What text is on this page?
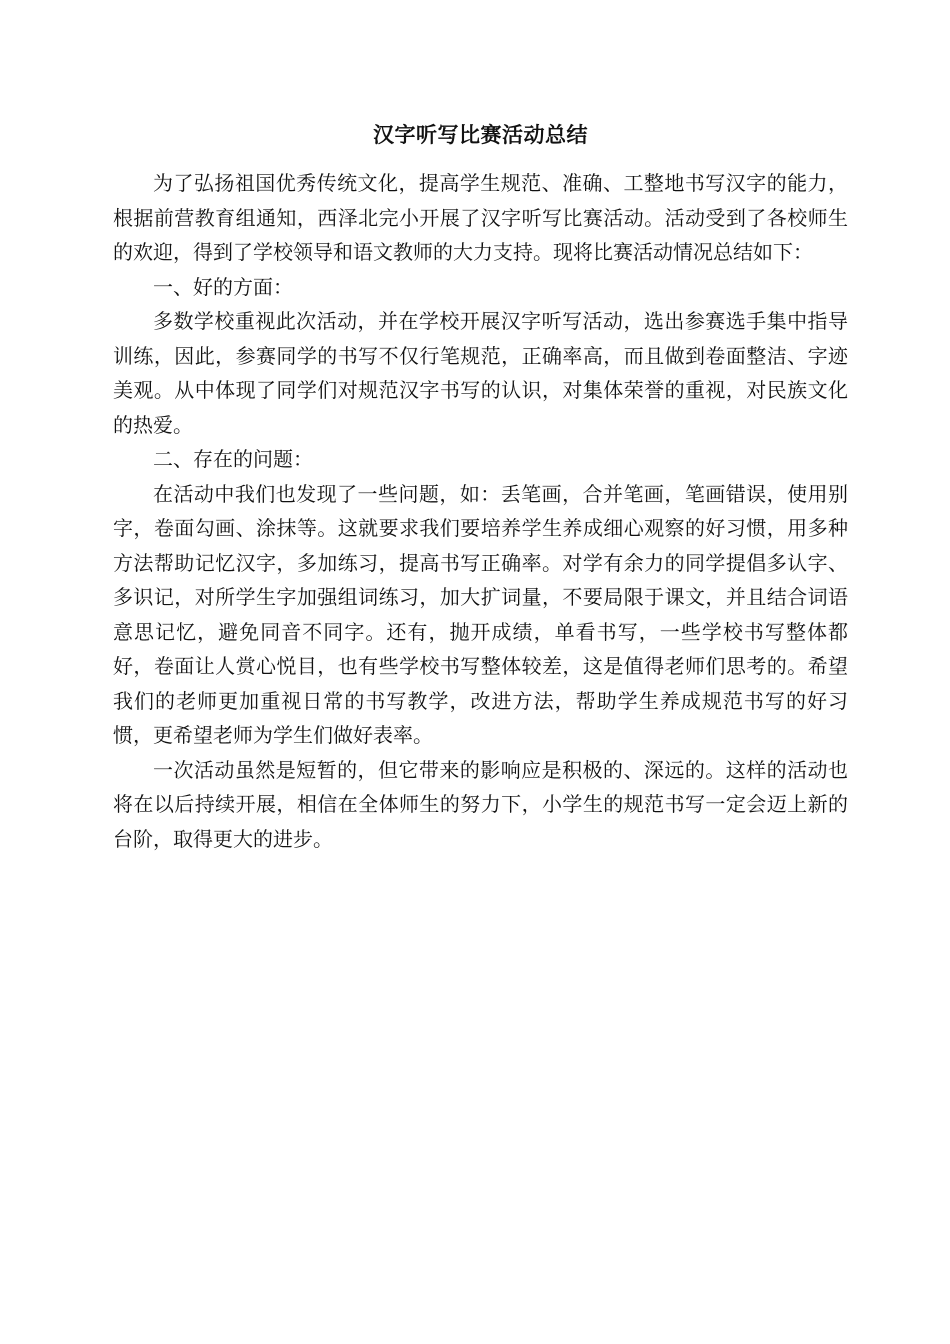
汉字听写比赛活动总结

为了弘扬祖国优秀传统文化，提高学生规范、准确、工整地书写汉字的能力，根据前营教育组通知，西泽北完小开展了汉字听写比赛活动。活动受到了各校师生的欢迎，得到了学校领导和语文教师的大力支持。现将比赛活动情况总结如下：

一、好的方面：

多数学校重视此次活动，并在学校开展汉字听写活动，选出参赛选手集中指导训练，因此，参赛同学的书写不仅行笔规范，正确率高，而且做到卷面整洁、字迹美观。从中体现了同学们对规范汉字书写的认识，对集体荣誉的重视，对民族文化的热爱。

二、存在的问题：

在活动中我们也发现了一些问题，如：丢笔画，合并笔画，笔画错误，使用别字，卷面勾画、涂抹等。这就要求我们要培养学生养成细心观察的好习惯，用多种方法帮助记忆汉字，多加练习，提高书写正确率。对学有余力的同学提倡多认字、多识记，对所学生字加强组词练习，加大扩词量，不要局限于课文，并且结合词语意思记忆，避免同音不同字。还有，抛开成绩，单看书写，一些学校书写整体都好，卷面让人赏心悦目，也有些学校书写整体较差，这是值得老师们思考的。希望我们的老师更加重视日常的书写教学，改进方法，帮助学生养成规范书写的好习惯，更希望老师为学生们做好表率。

一次活动虽然是短暂的，但它带来的影响应是积极的、深远的。这样的活动也将在以后持续开展，相信在全体师生的努力下，小学生的规范书写一定会迈上新的台阶，取得更大的进步。
